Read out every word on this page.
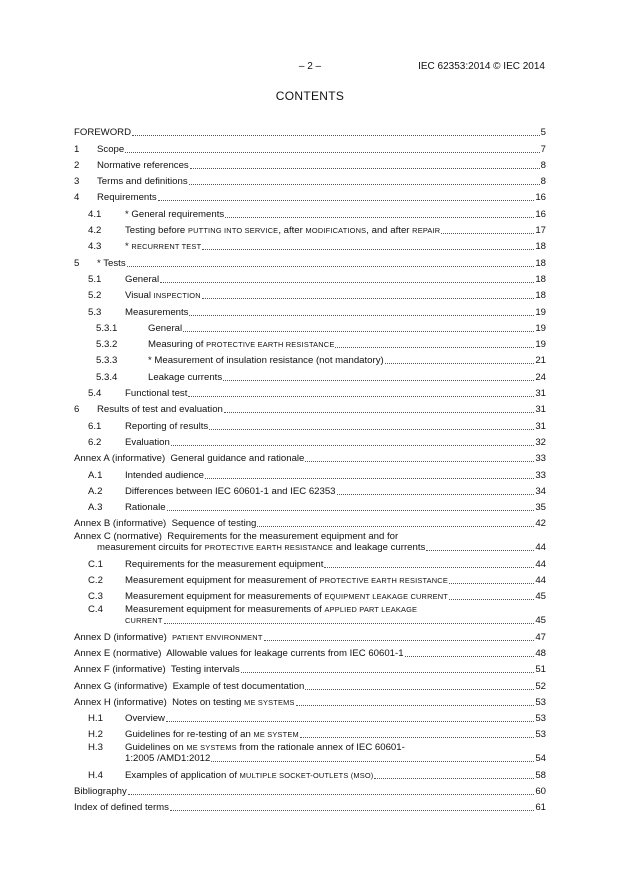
– 2 –	IEC 62353:2014 © IEC 2014
CONTENTS
FOREWORD	5
1	Scope	7
2	Normative references	8
3	Terms and definitions	8
4	Requirements	16
4.1	* General requirements	16
4.2	Testing before PUTTING INTO SERVICE, after MODIFICATIONS, and after REPAIR	17
4.3	* RECURRENT TEST	18
5	* Tests	18
5.1	General	18
5.2	Visual INSPECTION	18
5.3	Measurements	19
5.3.1	General	19
5.3.2	Measuring of PROTECTIVE EARTH RESISTANCE	19
5.3.3	* Measurement of insulation resistance (not mandatory)	21
5.3.4	Leakage currents	24
5.4	Functional test	31
6	Results of test and evaluation	31
6.1	Reporting of results	31
6.2	Evaluation	32
Annex A (informative)  General guidance and rationale	33
A.1	Intended audience	33
A.2	Differences between IEC 60601-1 and IEC 62353	34
A.3	Rationale	35
Annex B (informative)  Sequence of testing	42
Annex C (normative)  Requirements for the measurement equipment and for
measurement circuits for PROTECTIVE EARTH RESISTANCE and leakage currents	44
C.1	Requirements for the measurement equipment	44
C.2	Measurement equipment for measurement of PROTECTIVE EARTH RESISTANCE	44
C.3	Measurement equipment for measurements of EQUIPMENT LEAKAGE CURRENT	45
C.4	Measurement equipment for measurements of APPLIED PART LEAKAGE
CURRENT	45
Annex D (informative)  PATIENT ENVIRONMENT	47
Annex E (normative)  Allowable values for leakage currents from IEC 60601-1	48
Annex F (informative)  Testing intervals	51
Annex G (informative)  Example of test documentation	52
Annex H (informative)  Notes on testing ME SYSTEMS	53
H.1	Overview	53
H.2	Guidelines for re-testing of an ME SYSTEM	53
H.3	Guidelines on ME SYSTEMS from the rationale annex of IEC 60601-
1:2005 /AMD1:2012	54
H.4	Examples of application of MULTIPLE SOCKET-OUTLETS (MSO)	58
Bibliography	60
Index of defined terms	61
